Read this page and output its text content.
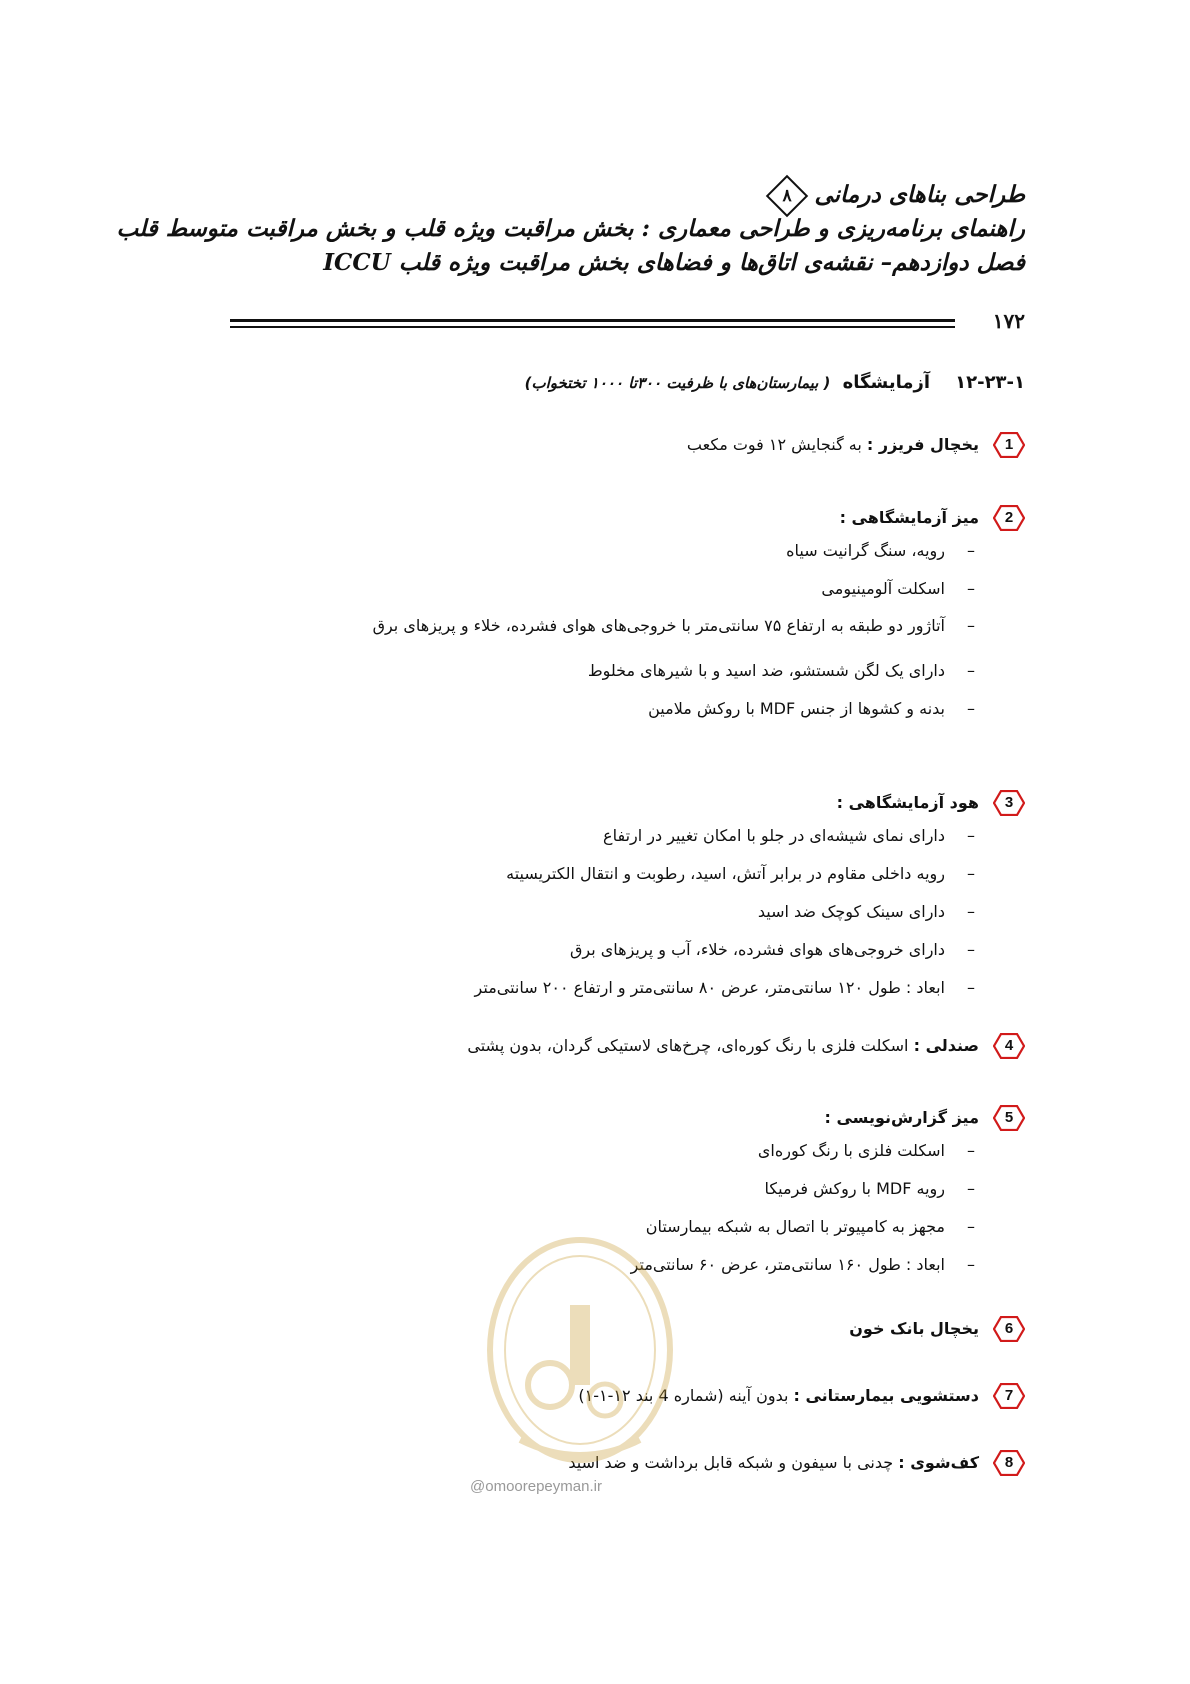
طراحی بناهای درمانی
۸
راهنمای برنامه‌ریزی و طراحی معماری : بخش مراقبت ویژه قلب و بخش مراقبت متوسط قلب
فصل دوازدهم– نقشه‌ی اتاق‌ها و فضاهای بخش مراقبت ویژه قلب ICCU
۱۷۲
۱۲-۲۳-۱    آزمایشگاه ( بیمارستان‌های با ظرفیت ۳۰۰تا ۱۰۰۰ تختخواب)
1
یخچال فریزر : به گنجایش ۱۲ فوت مکعب
2
میز آزمایشگاهی :
– رویه، سنگ گرانیت سیاه
– اسکلت آلومینیومی
– آتاژور دو طبقه به ارتفاع ۷۵ سانتی‌متر با خروجی‌های هوای فشرده، خلاء و پریزهای برق
– دارای یک لگن شستشو، ضد اسید و با شیرهای مخلوط
– بدنه و کشوها از جنس MDF با روکش ملامین
3
هود آزمایشگاهی :
– دارای نمای شیشه‌ای در جلو با امکان تغییر در ارتفاع
– رویه داخلی مقاوم در برابر آتش، اسید، رطوبت و انتقال الکتریسیته
– دارای سینک کوچک ضد اسید
– دارای خروجی‌های هوای فشرده، خلاء، آب و پریزهای برق
– ابعاد : طول ۱۲۰ سانتی‌متر، عرض ۸۰ سانتی‌متر و ارتفاع ۲۰۰ سانتی‌متر
4
صندلی : اسکلت فلزی با رنگ کوره‌ای، چرخ‌های لاستیکی گردان، بدون پشتی
5
میز گزارش‌نویسی :
– اسکلت فلزی با رنگ کوره‌ای
– رویه MDF با روکش فرمیکا
– مجهز به کامپیوتر با اتصال به شبکه بیمارستان
– ابعاد : طول ۱۶۰ سانتی‌متر، عرض ۶۰ سانتی‌متر
6
یخچال بانک خون
7
دستشویی بیمارستانی : بدون آینه (شماره 4 بند ۱۲-۱-۱)
8
کف‌شوی : چدنی با سیفون و شبکه قابل برداشت و ضد اسید
@omoorepeyman.ir
